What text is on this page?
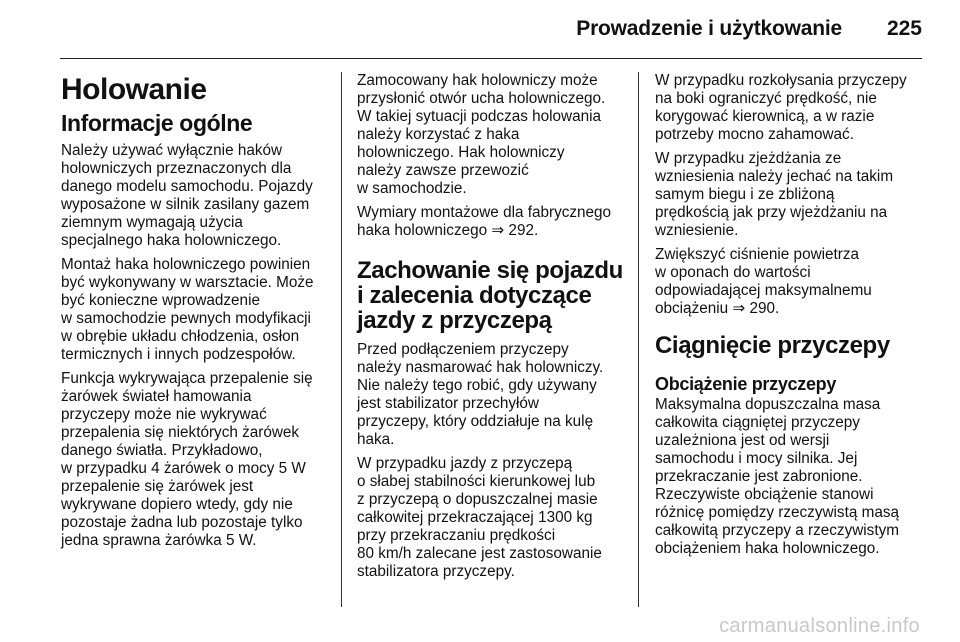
Prowadzenie i użytkowanie 225
Holowanie
Informacje ogólne

Należy używać wyłącznie haków
holowniczych przeznaczonych dla
danego modelu samochodu. Pojazdy
wyposażone w silnik zasilany gazem
ziemnym wymagają użycia
specjalnego haka holowniczego.

Montaż haka holowniczego powinien
być wykonywany w warsztacie. Może
być konieczne wprowadzenie
w samochodzie pewnych modyfikacji
w obrębie układu chłodzenia, osłon
termicznych i innych podzespołów.

Funkcja wykrywająca przepalenie się
żarówek świateł hamowania
przyczepy może nie wykrywać
przepalenia się niektórych żarówek
danego światła. Przykładowo,
w przypadku 4 żarówek o mocy 5 W
przepalenie się żarówek jest
wykrywane dopiero wtedy, gdy nie
pozostaje żadna lub pozostaje tylko
jedna sprawna żarówka 5 W.

Zamocowany hak holowniczy może
przysłonić otwór ucha holowniczego.
W takiej sytuacji podczas holowania
należy korzystać z haka
holowniczego. Hak holowniczy
należy zawsze przewozić
w samochodzie.

Wymiary montażowe dla fabrycznego
haka holowniczego ⇒ 292.

Zachowanie się pojazdu
i zalecenia dotyczące
jazdy z przyczepą

Przed podłączeniem przyczepy
należy nasmarować hak holowniczy.
Nie należy tego robić, gdy używany
jest stabilizator przechyłów
przyczepy, który oddziałuje na kulę
haka.

W przypadku jazdy z przyczepą
o słabej stabilności kierunkowej lub
z przyczepą o dopuszczalnej masie
całkowitej przekraczającej 1300 kg
przy przekraczaniu prędkości
80 km/h zalecane jest zastosowanie
stabilizatora przyczepy.

W przypadku rozkołysania przyczepy
na boki ograniczyć prędkość, nie
korygować kierownicą, a w razie
potrzeby mocno zahamować.

W przypadku zjeżdżania ze
wzniesienia należy jechać na takim
samym biegu i ze zbliżoną
prędkością jak przy wjeżdżaniu na
wzniesienie.

Zwiększyć ciśnienie powietrza
w oponach do wartości
odpowiadającej maksymalnemu
obciążeniu ⇒ 290.

Ciągnięcie przyczepy
Obciążenie przyczepy

Maksymalna dopuszczalna masa
całkowita ciągniętej przyczepy
uzależniona jest od wersji
samochodu i mocy silnika. Jej
przekraczanie jest zabronione.
Rzeczywiste obciążenie stanowi
różnicę pomiędzy rzeczywistą masą
całkowitą przyczepy a rzeczywistym
obciążeniem haka holowniczego.

carmanualsonline.info
